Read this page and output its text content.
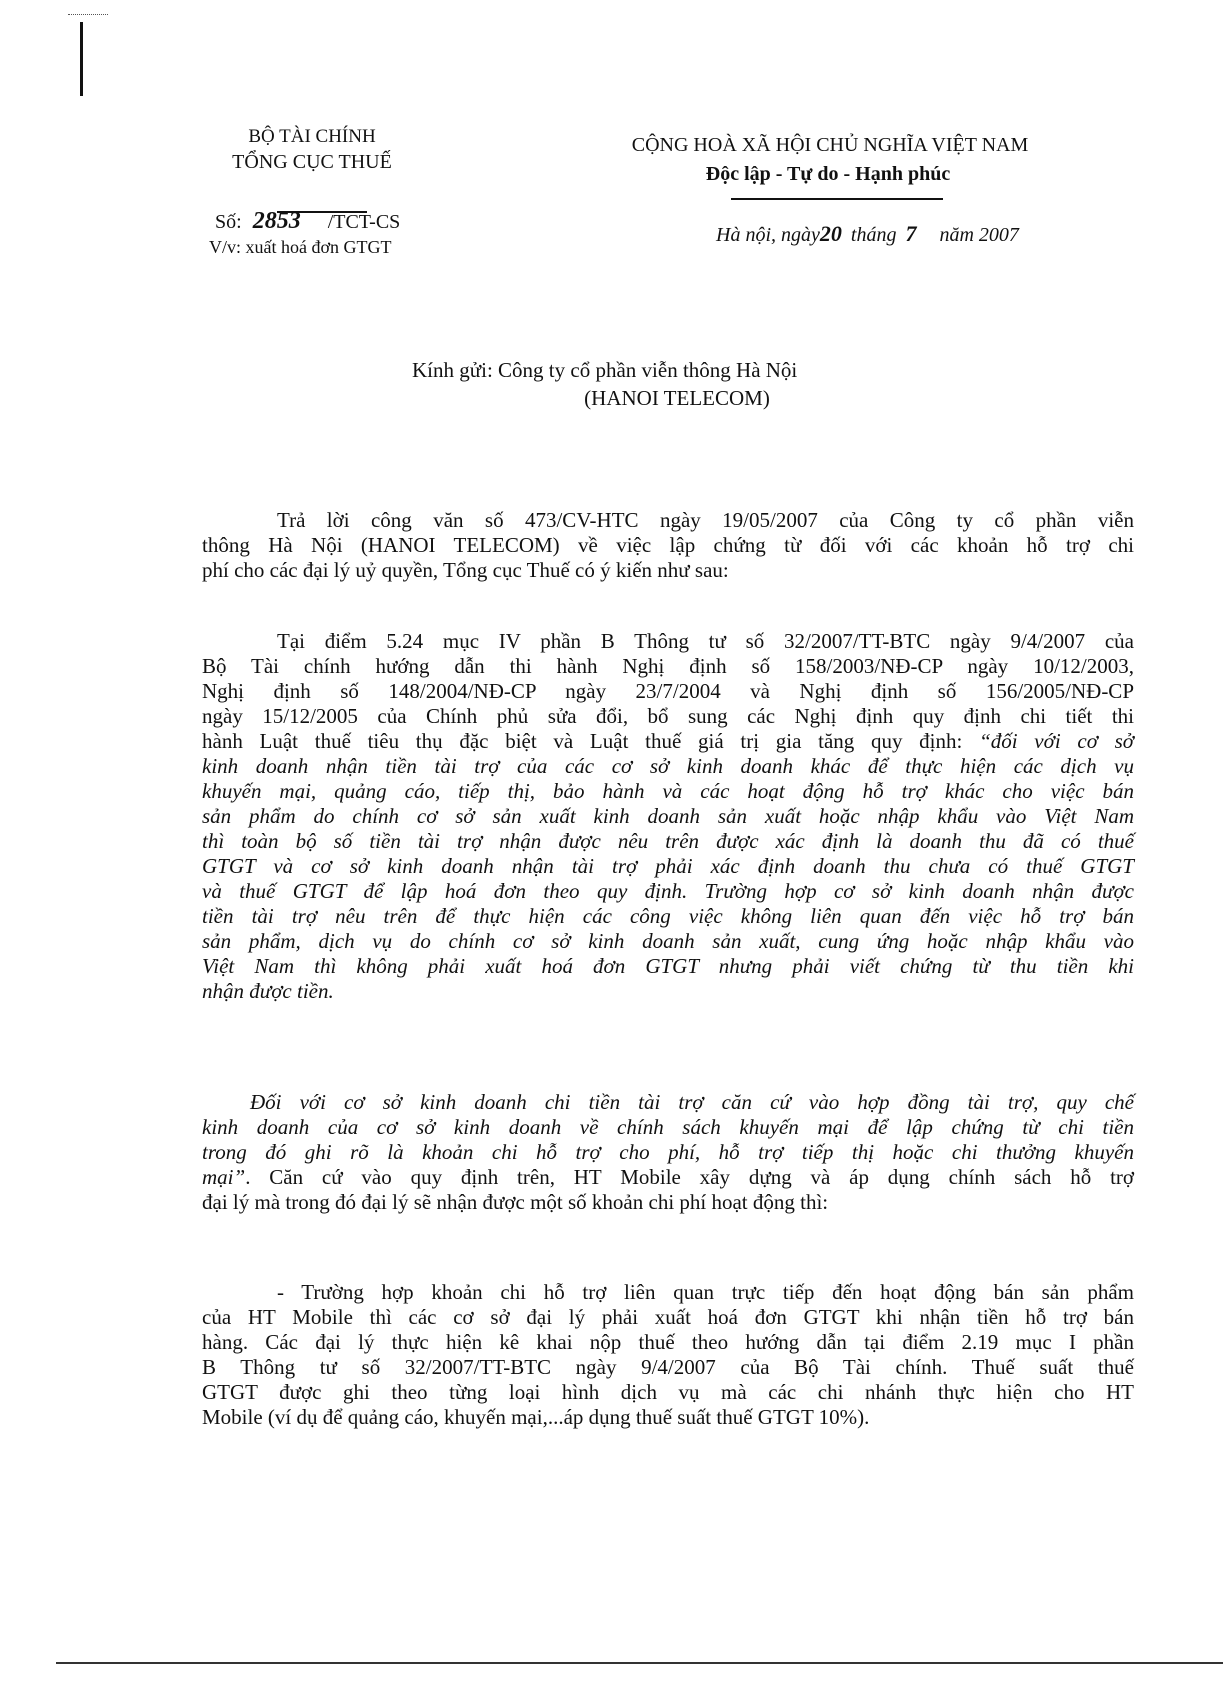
BỘ TÀI CHÍNH
TỔNG CỤC THUẾ
Số: 2853 /TCT-CS
V/v: xuất hoá đơn GTGT
CỘNG HOÀ XÃ HỘI CHỦ NGHĨA VIỆT NAM
Độc lập - Tự do - Hạnh phúc
Hà nội, ngày20 tháng 7 năm 2007
Kính gửi: Công ty cổ phần viễn thông Hà Nội
(HANOI TELECOM)
Trả lời công văn số 473/CV-HTC ngày 19/05/2007 của Công ty cổ phần viễn
thông Hà Nội (HANOI TELECOM) về việc lập chứng từ đối với các khoản hỗ trợ chi
phí cho các đại lý uỷ quyền, Tổng cục Thuế có ý kiến như sau:
Tại điểm 5.24 mục IV phần B Thông tư số 32/2007/TT-BTC ngày 9/4/2007 của
Bộ Tài chính hướng dẫn thi hành Nghị định số 158/2003/NĐ-CP ngày 10/12/2003,
Nghị định số 148/2004/NĐ-CP ngày 23/7/2004 và Nghị định số 156/2005/NĐ-CP
ngày 15/12/2005 của Chính phủ sửa đổi, bổ sung các Nghị định quy định chi tiết thi
hành Luật thuế tiêu thụ đặc biệt và Luật thuế giá trị gia tăng quy định: “đối với cơ sở
kinh doanh nhận tiền tài trợ của các cơ sở kinh doanh khác để thực hiện các dịch vụ
khuyến mại, quảng cáo, tiếp thị, bảo hành và các hoạt động hỗ trợ khác cho việc bán
sản phẩm do chính cơ sở sản xuất kinh doanh sản xuất hoặc nhập khẩu vào Việt Nam
thì toàn bộ số tiền tài trợ nhận được nêu trên được xác định là doanh thu đã có thuế
GTGT và cơ sở kinh doanh nhận tài trợ phải xác định doanh thu chưa có thuế GTGT
và thuế GTGT để lập hoá đơn theo quy định. Trường hợp cơ sở kinh doanh nhận được
tiền tài trợ nêu trên để thực hiện các công việc không liên quan đến việc hỗ trợ bán
sản phẩm, dịch vụ do chính cơ sở kinh doanh sản xuất, cung ứng hoặc nhập khẩu vào
Việt Nam thì không phải xuất hoá đơn GTGT nhưng phải viết chứng từ thu tiền khi
nhận được tiền.
Đối với cơ sở kinh doanh chi tiền tài trợ căn cứ vào hợp đồng tài trợ, quy chế
kinh doanh của cơ sở kinh doanh về chính sách khuyến mại để lập chứng từ chi tiền
trong đó ghi rõ là khoản chi hỗ trợ cho phí, hỗ trợ tiếp thị hoặc chi thưởng khuyến
mại”. Căn cứ vào quy định trên, HT Mobile xây dựng và áp dụng chính sách hỗ trợ
đại lý mà trong đó đại lý sẽ nhận được một số khoản chi phí hoạt động thì:
- Trường hợp khoản chi hỗ trợ liên quan trực tiếp đến hoạt động bán sản phẩm
của HT Mobile thì các cơ sở đại lý phải xuất hoá đơn GTGT khi nhận tiền hỗ trợ bán
hàng. Các đại lý thực hiện kê khai nộp thuế theo hướng dẫn tại điểm 2.19 mục I phần
B Thông tư số 32/2007/TT-BTC ngày 9/4/2007 của Bộ Tài chính. Thuế suất thuế
GTGT được ghi theo từng loại hình dịch vụ mà các chi nhánh thực hiện cho HT
Mobile (ví dụ để quảng cáo, khuyến mại,...áp dụng thuế suất thuế GTGT 10%).
